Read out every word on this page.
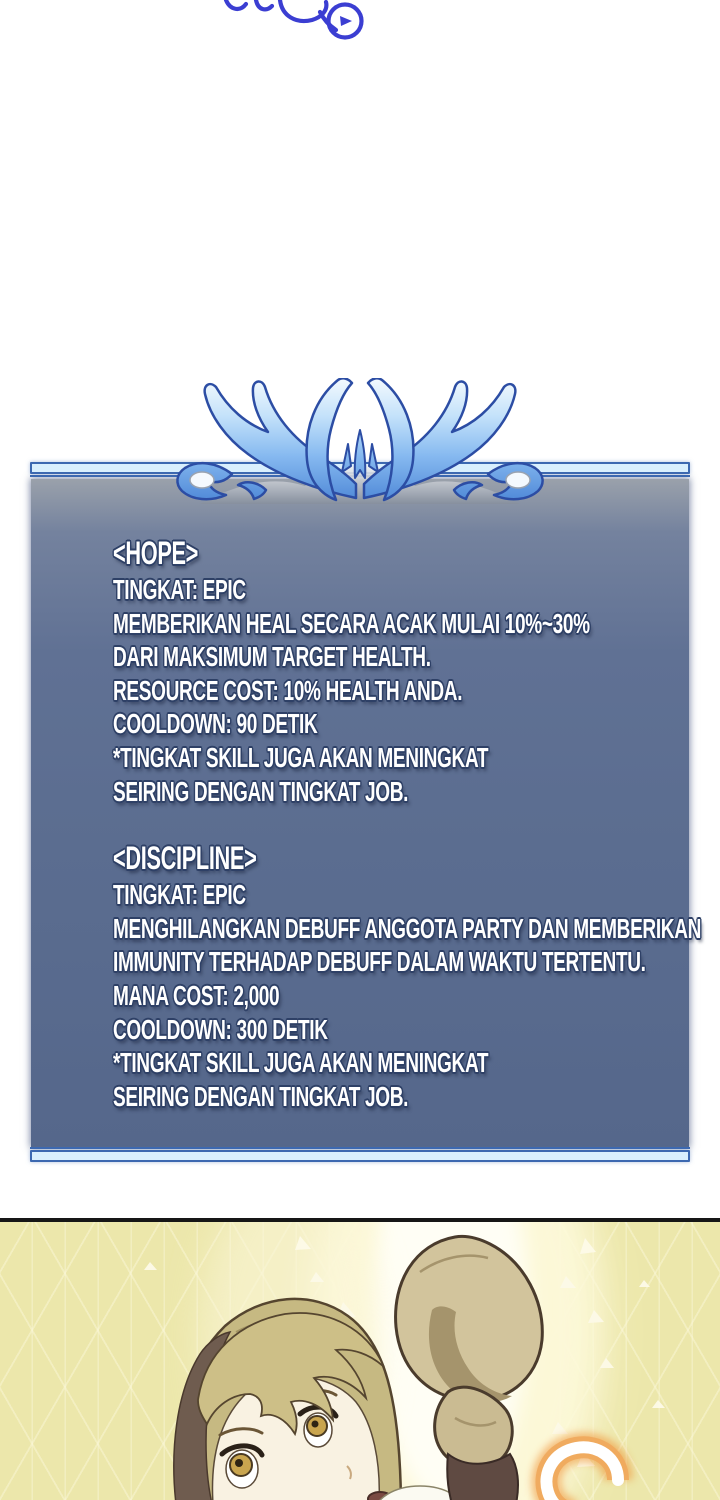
<HOPE>
TINGKAT: EPIC
MEMBERIKAN HEAL SECARA ACAK MULAI 10%~30%
DARI MAKSIMUM TARGET HEALTH.
RESOURCE COST: 10% HEALTH ANDA.
COOLDOWN: 90 DETIK
*TINGKAT SKILL JUGA AKAN MENINGKAT
SEIRING DENGAN TINGKAT JOB.
<DISCIPLINE>
TINGKAT: EPIC
MENGHILANGKAN DEBUFF ANGGOTA PARTY DAN MEMBERIKAN
IMMUNITY TERHADAP DEBUFF DALAM WAKTU TERTENTU.
MANA COST: 2,000
COOLDOWN: 300 DETIK
*TINGKAT SKILL JUGA AKAN MENINGKAT
SEIRING DENGAN TINGKAT JOB.
